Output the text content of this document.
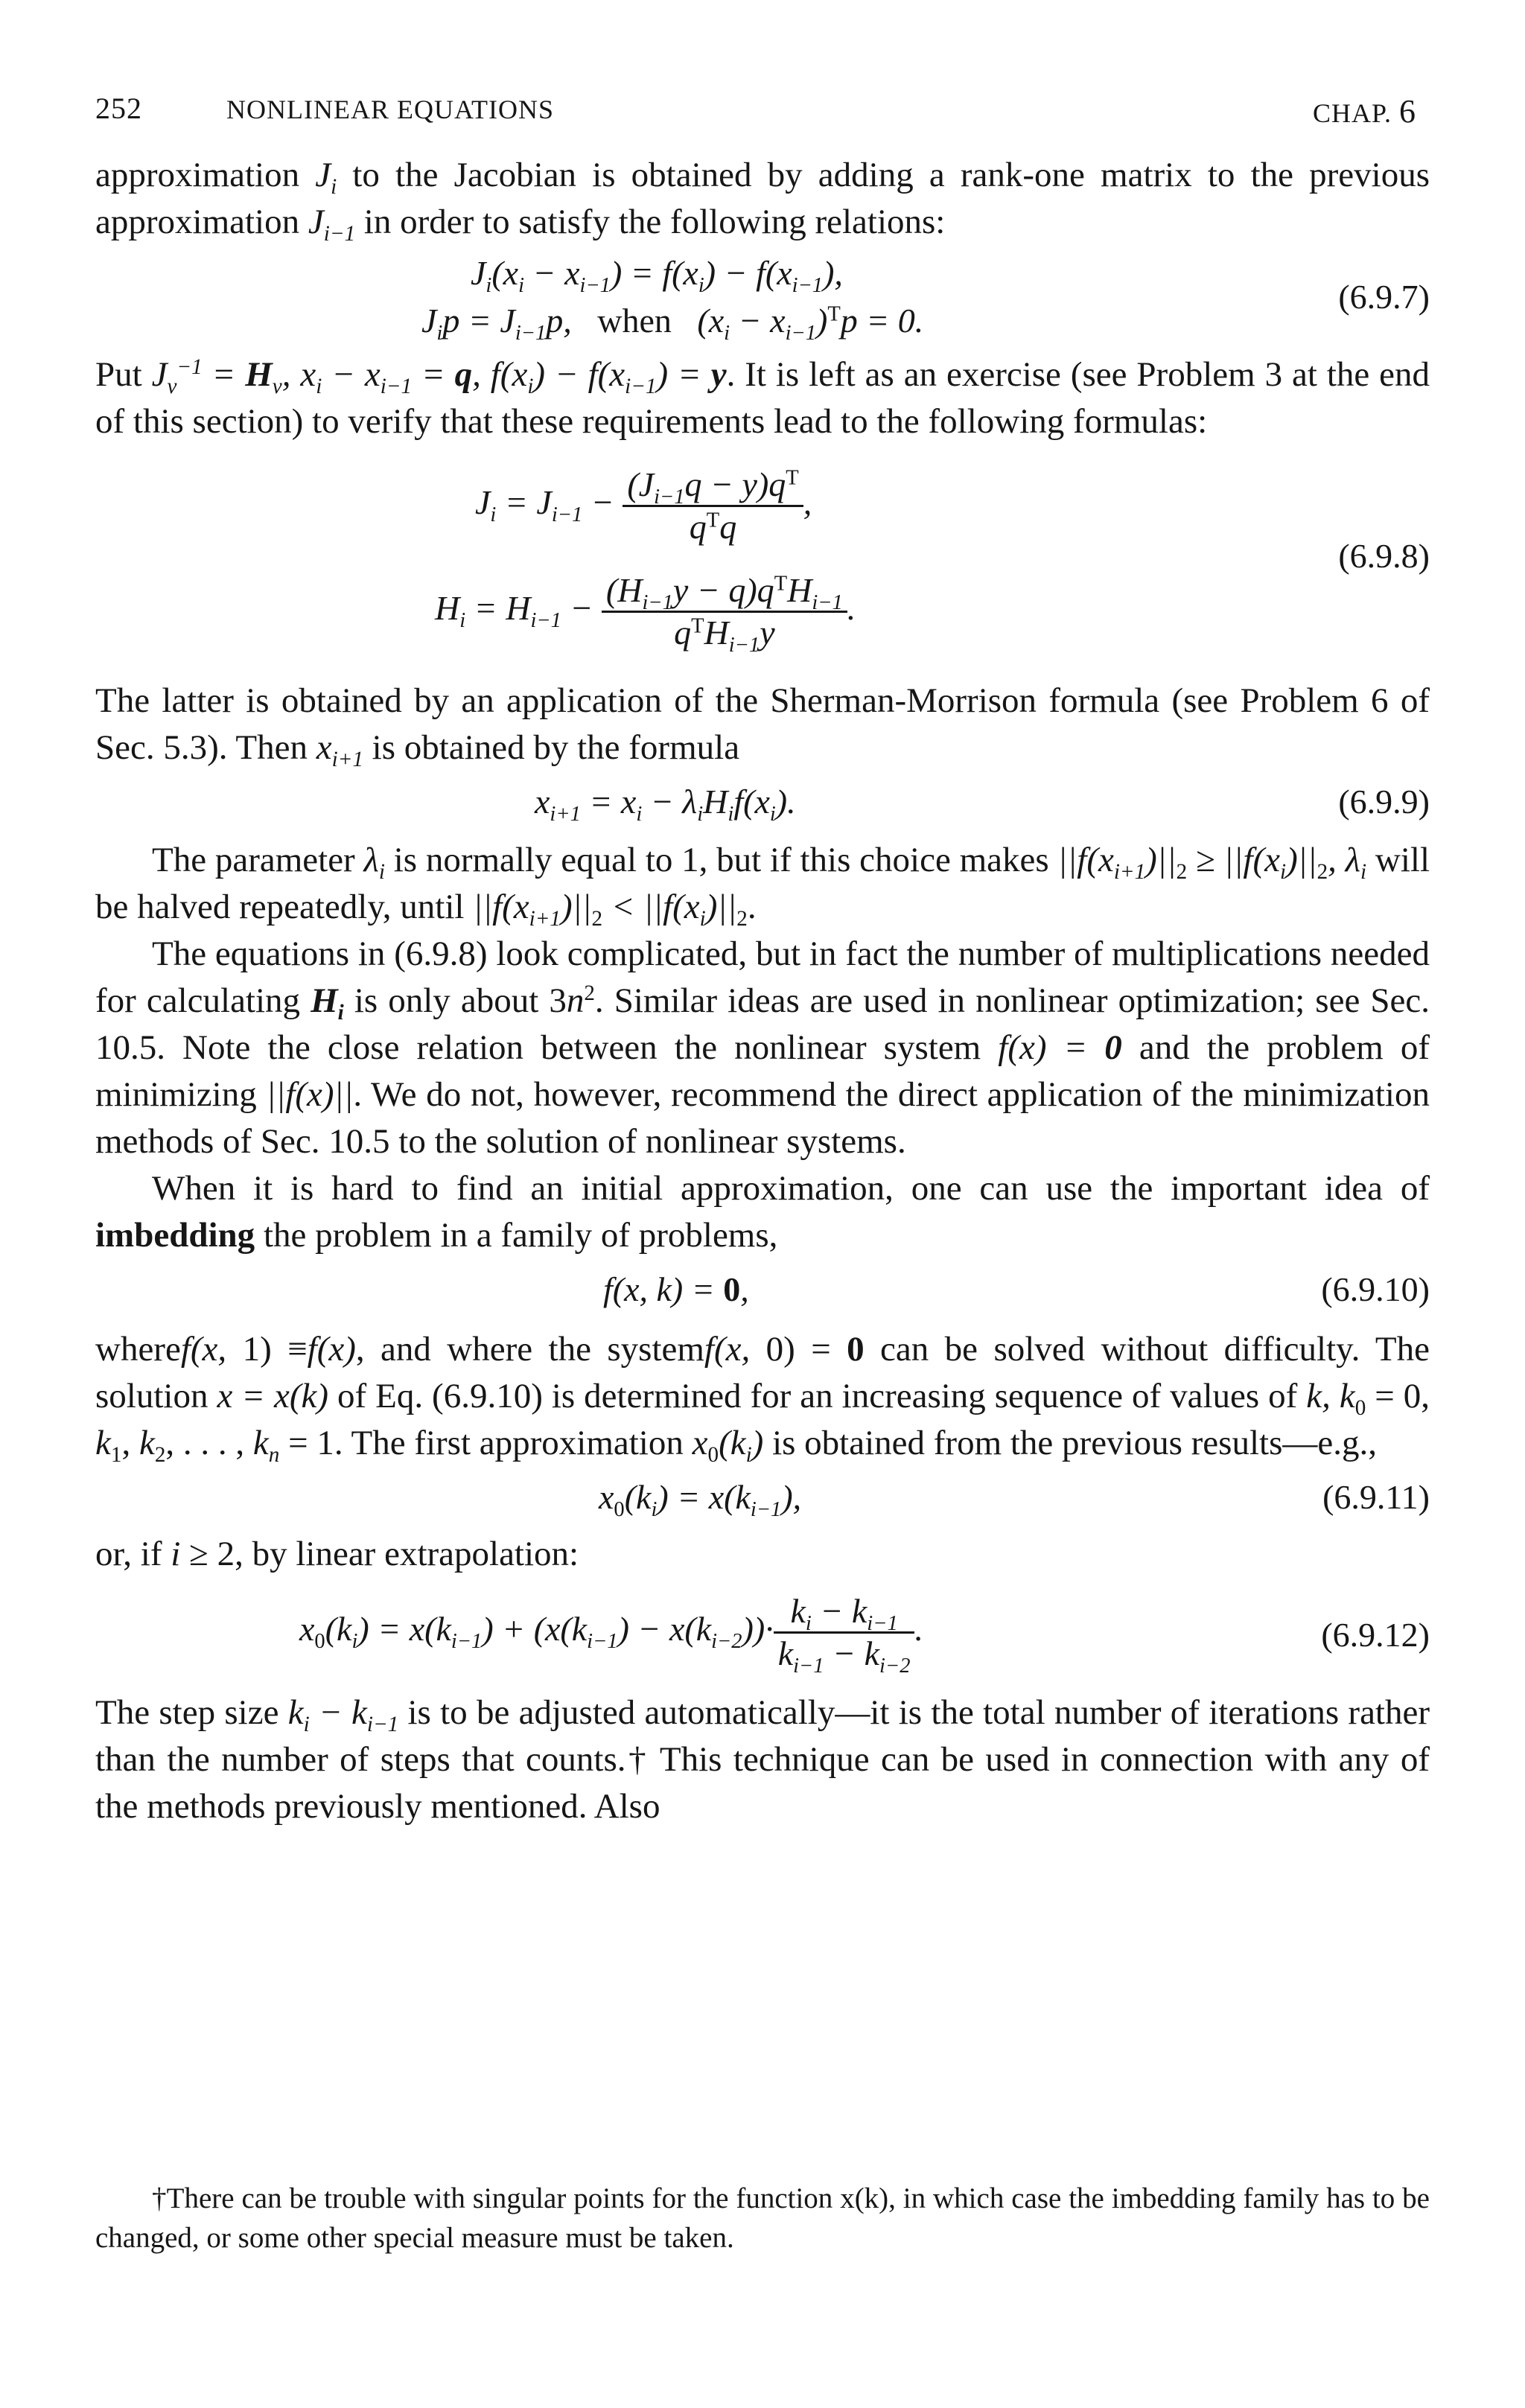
252	NONLINEAR EQUATIONS	CHAP. 6

approximation $J_i$ to the Jacobian is obtained by adding a rank-one matrix to the previous approximation $J_{i-1}$ in order to satisfy the following relations:

$J_i(x_i - x_{i-1}) = f(x_i) - f(x_{i-1})$,
$J_ip = J_{i-1}p$,   when   $(x_i - x_{i-1})^Tp = 0$.
(6.9.7)

Put $J_v^{-1} = H_v$, $x_i - x_{i-1} = q$, $f(x_i) - f(x_{i-1}) = y$. It is left as an exercise (see Problem 3 at the end of this section) to verify that these requirements lead to the following formulas:

$J_i = J_{i-1} - \frac{(J_{i-1}q - y)q^T}{q^Tq}$ ,
$H_i = H_{i-1} - \frac{(H_{i-1}y - q)q^TH_{i-1}}{q^TH_{i-1}y}$ .
(6.9.8)

The latter is obtained by an application of the Sherman-Morrison formula (see Problem 6 of Sec. 5.3). Then $x_{i+1}$ is obtained by the formula

$x_{i+1} = x_i - \lambda_iH_if(x_i)$.	(6.9.9)

The parameter $\lambda_i$ is normally equal to 1, but if this choice makes $||f(x_{i+1})||_2 \ge ||f(x_i)||_2$, $\lambda_i$ will be halved repeatedly, until $||f(x_{i+1})||_2 < ||f(x_i)||_2$.

The equations in (6.9.8) look complicated, but in fact the number of multiplications needed for calculating $H_i$ is only about $3n^2$. Similar ideas are used in nonlinear optimization; see Sec. 10.5. Note the close relation between the nonlinear system f(x) = 0 and the problem of minimizing ||f(x)||. We do not, however, recommend the direct application of the minimization methods of Sec. 10.5 to the solution of nonlinear systems.

When it is hard to find an initial approximation, one can use the important idea of imbedding the problem in a family of problems,

f(x, k) = 0,	(6.9.10)

wheref(x, 1) ≡f(x), and where the systemf(x, 0) = 0 can be solved without difficulty. The solution x = x(k) of Eq. (6.9.10) is determined for an increasing sequence of values of k, $k_0 = 0$, $k_1$, $k_2$, . . . , $k_n = 1$. The first approximation $x_0(k_i)$ is obtained from the previous results—e.g.,

$x_0(k_i) = x(k_{i-1})$,	(6.9.11)

or, if i ≥ 2, by linear extrapolation:

$x_0(k_i) = x(k_{i-1}) + (x(k_{i-1}) - x(k_{i-2}))\cdot \frac{k_i - k_{i-1}}{k_{i-1} - k_{i-2}}$ .	(6.9.12)

The step size $k_i - k_{i-1}$ is to be adjusted automatically—it is the total number of iterations rather than the number of steps that counts.† This technique can be used in connection with any of the methods previously mentioned. Also

†There can be trouble with singular points for the function x(k), in which case the imbedding family has to be changed, or some other special measure must be taken.
